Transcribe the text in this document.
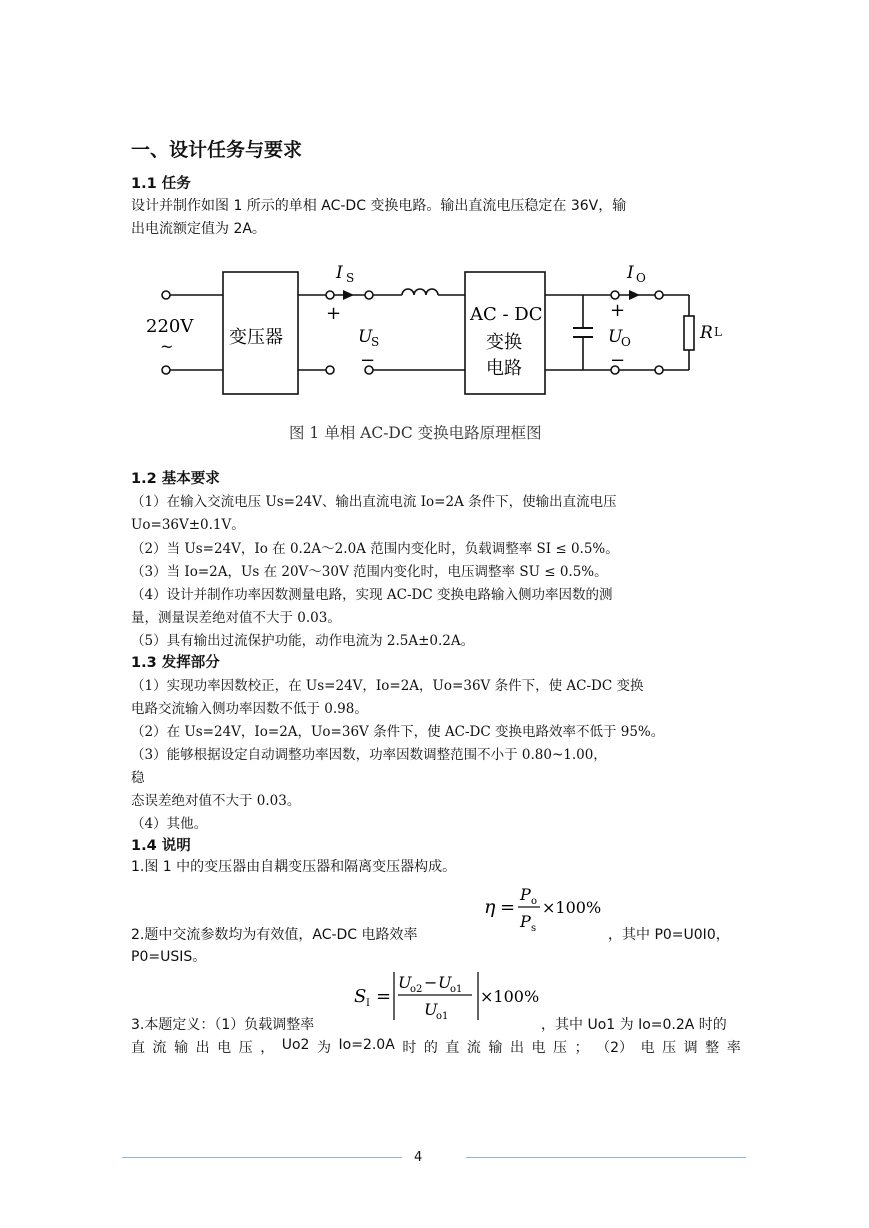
一、设计任务与要求
1.1 任务
设计并制作如图 1 所示的单相 AC-DC 变换电路。输出直流电压稳定在 36V，输
出电流额定值为 2A。
220V
~	变压器
I S
+
U
S
−
AC - DC
变换
电路
I O
+
U
O
−
R L
图 1 单相 AC-DC 变换电路原理框图
1.2 基本要求
（1）在输入交流电压 Us=24V、输出直流电流 Io=2A 条件下，使输出直流电压
Uo=36V±0.1V。
（2）当 Us=24V，Io 在 0.2A～2.0A 范围内变化时，负载调整率 SI ≤ 0.5%。
（3）当 Io=2A，Us 在 20V～30V 范围内变化时，电压调整率 SU ≤ 0.5%。
（4）设计并制作功率因数测量电路，实现 AC-DC 变换电路输入侧功率因数的测
量，测量误差绝对值不大于 0.03。
（5）具有输出过流保护功能，动作电流为 2.5A±0.2A。
1.3 发挥部分
（1）实现功率因数校正，在 Us=24V，Io=2A，Uo=36V 条件下，使 AC-DC 变换
电路交流输入侧功率因数不低于 0.98。
（2）在 Us=24V，Io=2A，Uo=36V 条件下，使 AC-DC 变换电路效率不低于 95%。
（3）能够根据设定自动调整功率因数，功率因数调整范围不小于 0.80~1.00，
稳
态误差绝对值不大于 0.03。
（4）其他。
1.4 说明
1.图 1 中的变压器由自耦变压器和隔离变压器构成。
η =
P o
P s
×100%
2.题中交流参数均为有效值，AC-DC 电路效率	，其中 P0=U0I0，
P0=USIS。
S I =
U
o2 − U
o1
U
o1
×100%
3.本题定义：（1）负载调整率	，其中 Uo1 为 Io=0.2A 时的
直 流 输 出 电 压 ， Uo2 为 Io=2.0A 时 的 直 流 输 出 电 压 ； （2） 电 压 调 整 率
4
